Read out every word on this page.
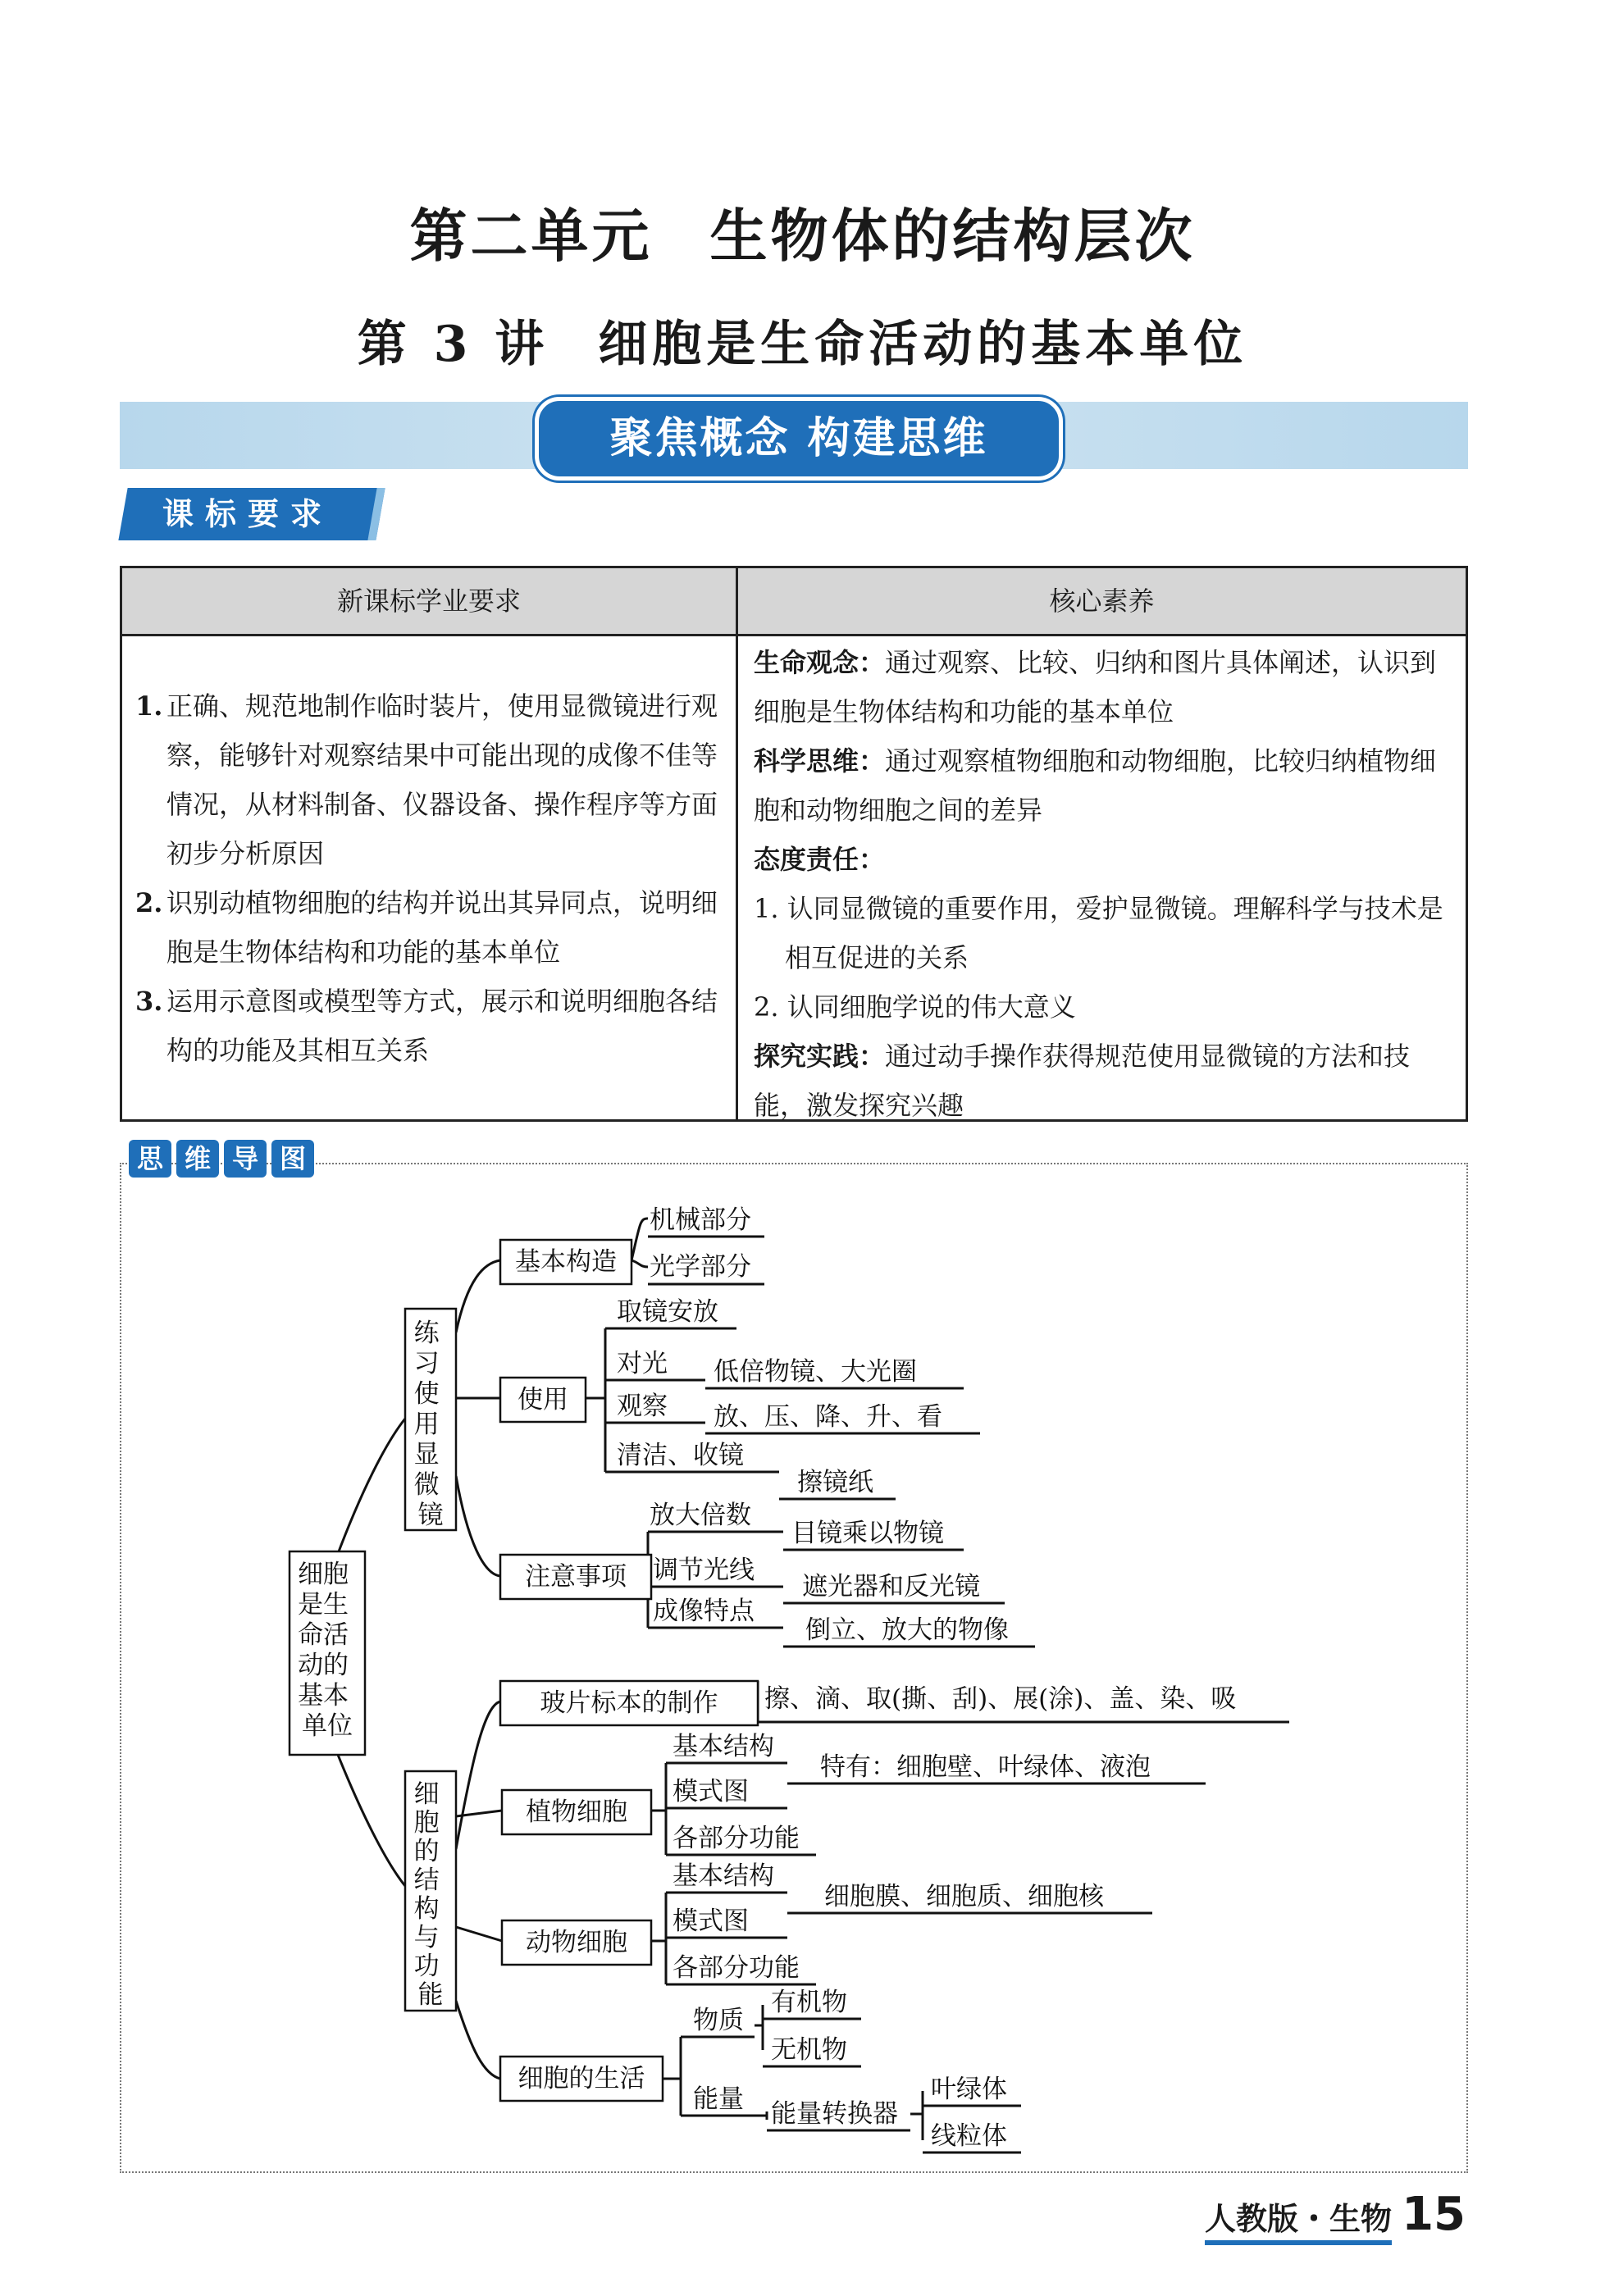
第二单元 生物体的结构层次
第 3 讲 细胞是生命活动的基本单位
聚焦概念 构建思维
课标要求
新课标学业要求	核心素养
1. 正确、规范地制作临时装片，使用显微镜进行观察，能够针对观察结果中可能出现的成像不佳等情况，从材料制备、仪器设备、操作程序等方面初步分析原因
2. 识别动植物细胞的结构并说出其异同点，说明细胞是生物体结构和功能的基本单位
3. 运用示意图或模型等方式，展示和说明细胞各结构的功能及其相互关系
生命观念：通过观察、比较、归纳和图片具体阐述，认识到细胞是生物体结构和功能的基本单位
科学思维：通过观察植物细胞和动物细胞，比较归纳植物细胞和动物细胞之间的差异
态度责任：
1. 认同显微镜的重要作用，爱护显微镜。理解科学与技术是相互促进的关系
2. 认同细胞学说的伟大意义
探究实践：通过动手操作获得规范使用显微镜的方法和技能，激发探究兴趣
思 维 导 图
细胞 是生 命活 动的 基本 单位
练 习 使 用 显 微 镜
细 胞 的 结 构 与 功 能
基本构造
机械部分
光学部分
使用
取镜安放
对光 低倍物镜、大光圈
观察 放、压、降、升、看
清洁、收镜
擦镜纸
注意事项
放大倍数
目镜乘以物镜
调节光线
遮光器和反光镜
成像特点
倒立、放大的物像
玻片标本的制作 擦、滴、取(撕、刮)、展(涂)、盖、染、吸
植物细胞
基本结构
特有：细胞壁、叶绿体、液泡
模式图
各部分功能
动物细胞
基本结构
细胞膜、细胞质、细胞核
模式图
各部分功能
细胞的生活
物质
有机物
无机物
能量 能量转换器
叶绿体
线粒体
人教版・生物 15
